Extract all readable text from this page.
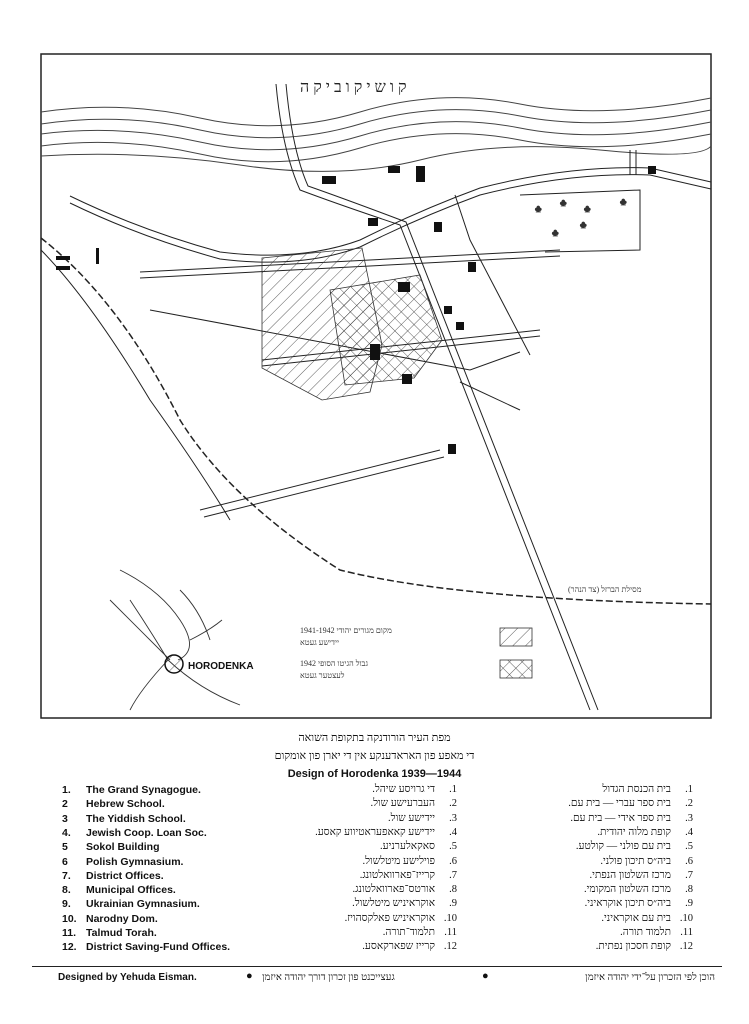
קושיקוביקה
מסילת הברזל (צד הנהר)
♣
♣
♣
♣
♣
♣
מקום מגורים יהודי 1941-1942
יידישע געטא
גבול הגיטו הסופי 1942
לעצטער געטא
HORODENKA
מפת העיר הורודנקה בתקופת השואה
די מאפע פון האראדענקע אין די יארן פון אומקום
Design of Horodenka 1939—1944
1. The Grand Synagogue.
2 Hebrew School.
3 The Yiddish School.
4. Jewish Coop. Loan Soc.
5 Sokol Building
6 Polish Gymnasium.
7. District Offices.
8. Municipal Offices.
9. Ukrainian Gymnasium.
10. Narodny Dom.
11. Talmud Torah.
12. District Saving-Fund Offices.
1.די גרויסע שיהל.
2.העברעישע שול.
3.יידישע שול.
4.יידישע קאאפעראטיווע קאסע.
5.סאקאלערניע.
6.פוילישע מיטלשול.
7.קרייז־פארוואלטונג.
8.אורטס־פארוואלטונג.
9.אוקראיניש מיטלשול.
10.אוקראיניש פאלקסהויז.
11.תלמוד־תורה.
12.קרייז שפארקאסע.
1.בית הכנסת הגדול
2.בית ספר עברי — בית עם.
3.בית ספר אידי — בית עם.
4.קופת מלוה יהודית.
5.בית עם פולני — קולטע.
6.ביה״ס תיכון פולני.
7.מרכז השלטון הנפתי.
8.מרכז השלטון המקומי.
9.ביה״ס תיכון אוקראיני.
10.בית עם אוקראיני.
11.תלמוד תורה.
12.קופת חסכון נפתית.
Designed by Yehuda Eisman.	● געצייכנט פון זכרון דורך יהודה איזמן	●	הוכן לפי הזכרון על־ידי יהודה איזמן
